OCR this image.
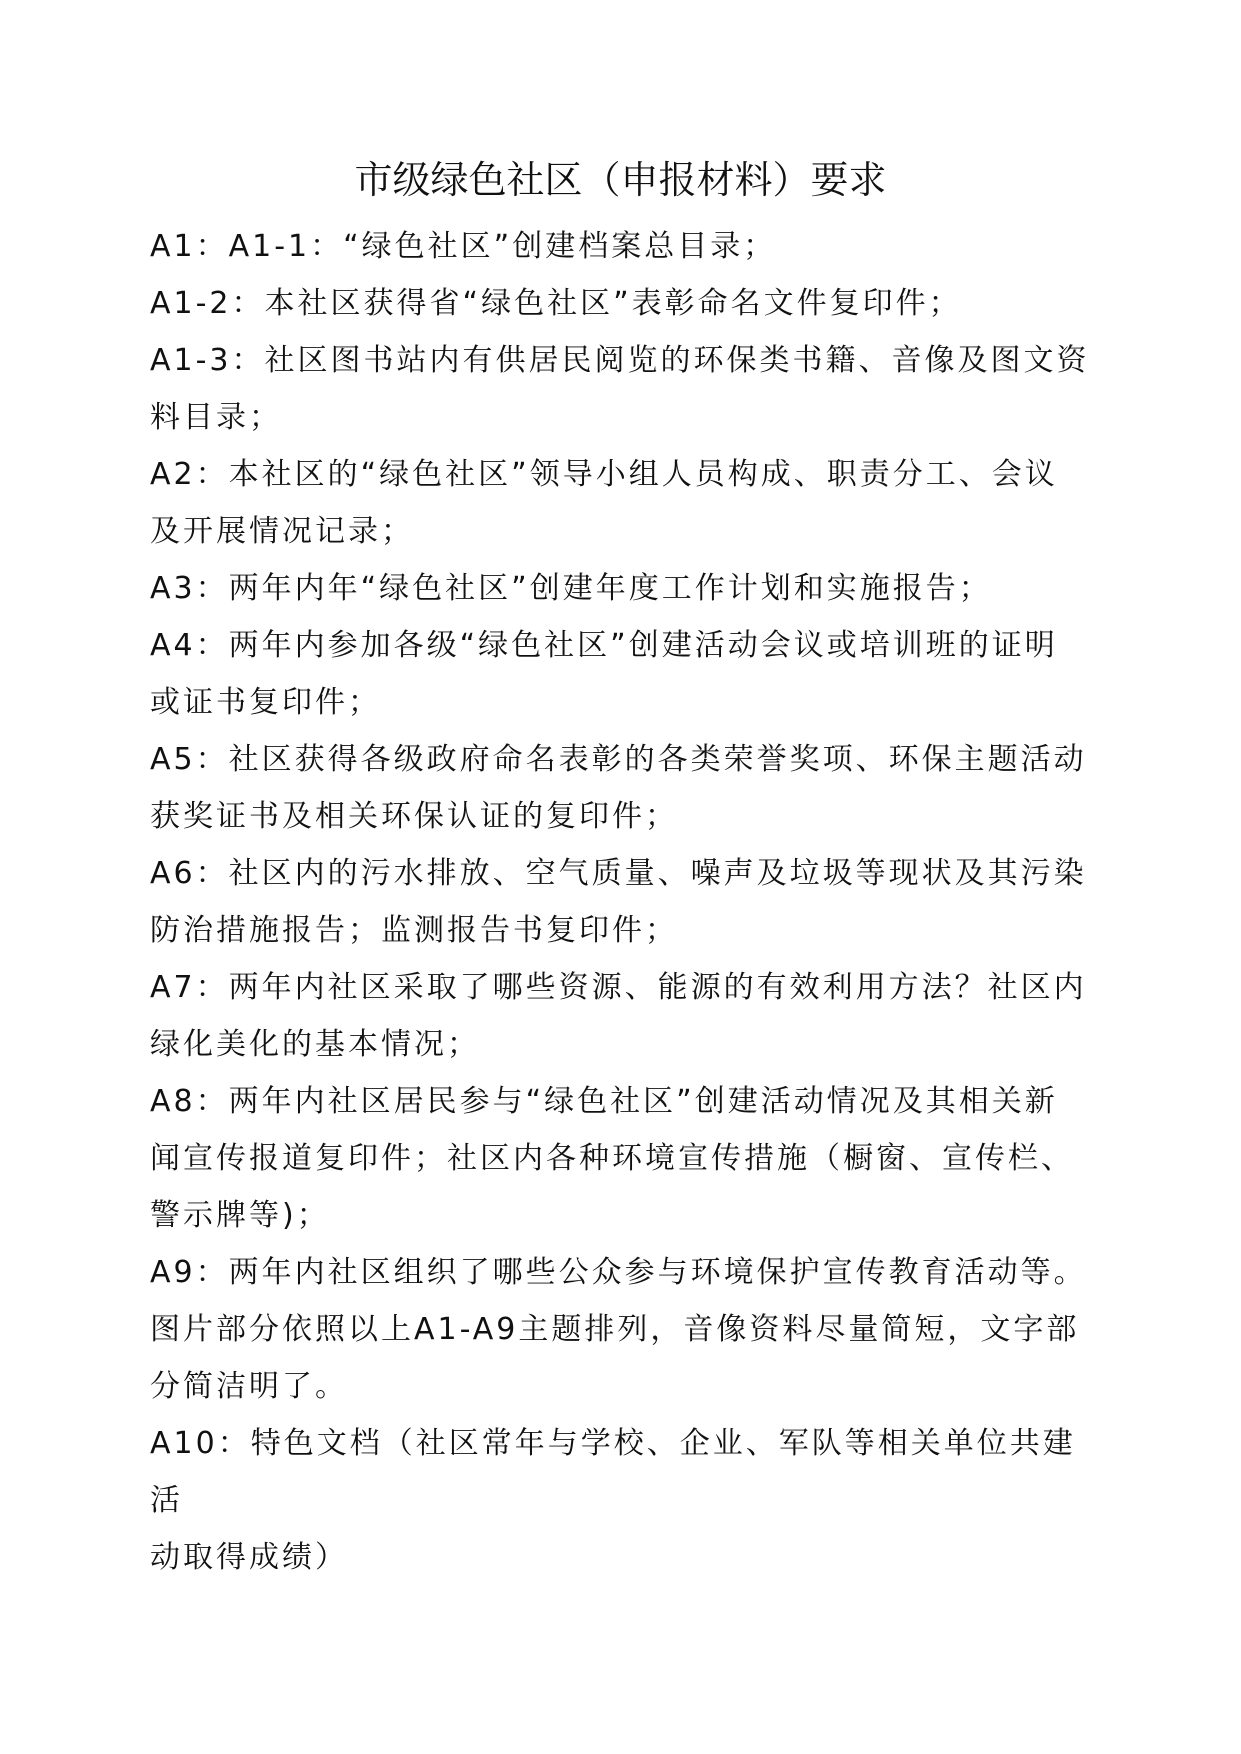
市级绿色社区（申报材料）要求

A1：A1-1：“绿色社区”创建档案总目录；

A1-2：本社区获得省“绿色社区”表彰命名文件复印件；

A1-3：社区图书站内有供居民阅览的环保类书籍、音像及图文资
料目录；

A2：本社区的“绿色社区”领导小组人员构成、职责分工、会议
及开展情况记录；

A3：两年内年“绿色社区”创建年度工作计划和实施报告；

A4：两年内参加各级“绿色社区”创建活动会议或培训班的证明
或证书复印件；

A5：社区获得各级政府命名表彰的各类荣誉奖项、环保主题活动
获奖证书及相关环保认证的复印件；

A6：社区内的污水排放、空气质量、噪声及垃圾等现状及其污染
防治措施报告；监测报告书复印件；

A7：两年内社区采取了哪些资源、能源的有效利用方法？社区内
绿化美化的基本情况；

A8：两年内社区居民参与“绿色社区”创建活动情况及其相关新
闻宣传报道复印件；社区内各种环境宣传措施（橱窗、宣传栏、
警示牌等)；

A9：两年内社区组织了哪些公众参与环境保护宣传教育活动等。

图片部分依照以上A1-A9主题排列，音像资料尽量简短，文字部
分简洁明了。

A10：特色文档（社区常年与学校、企业、军队等相关单位共建活
动取得成绩）
